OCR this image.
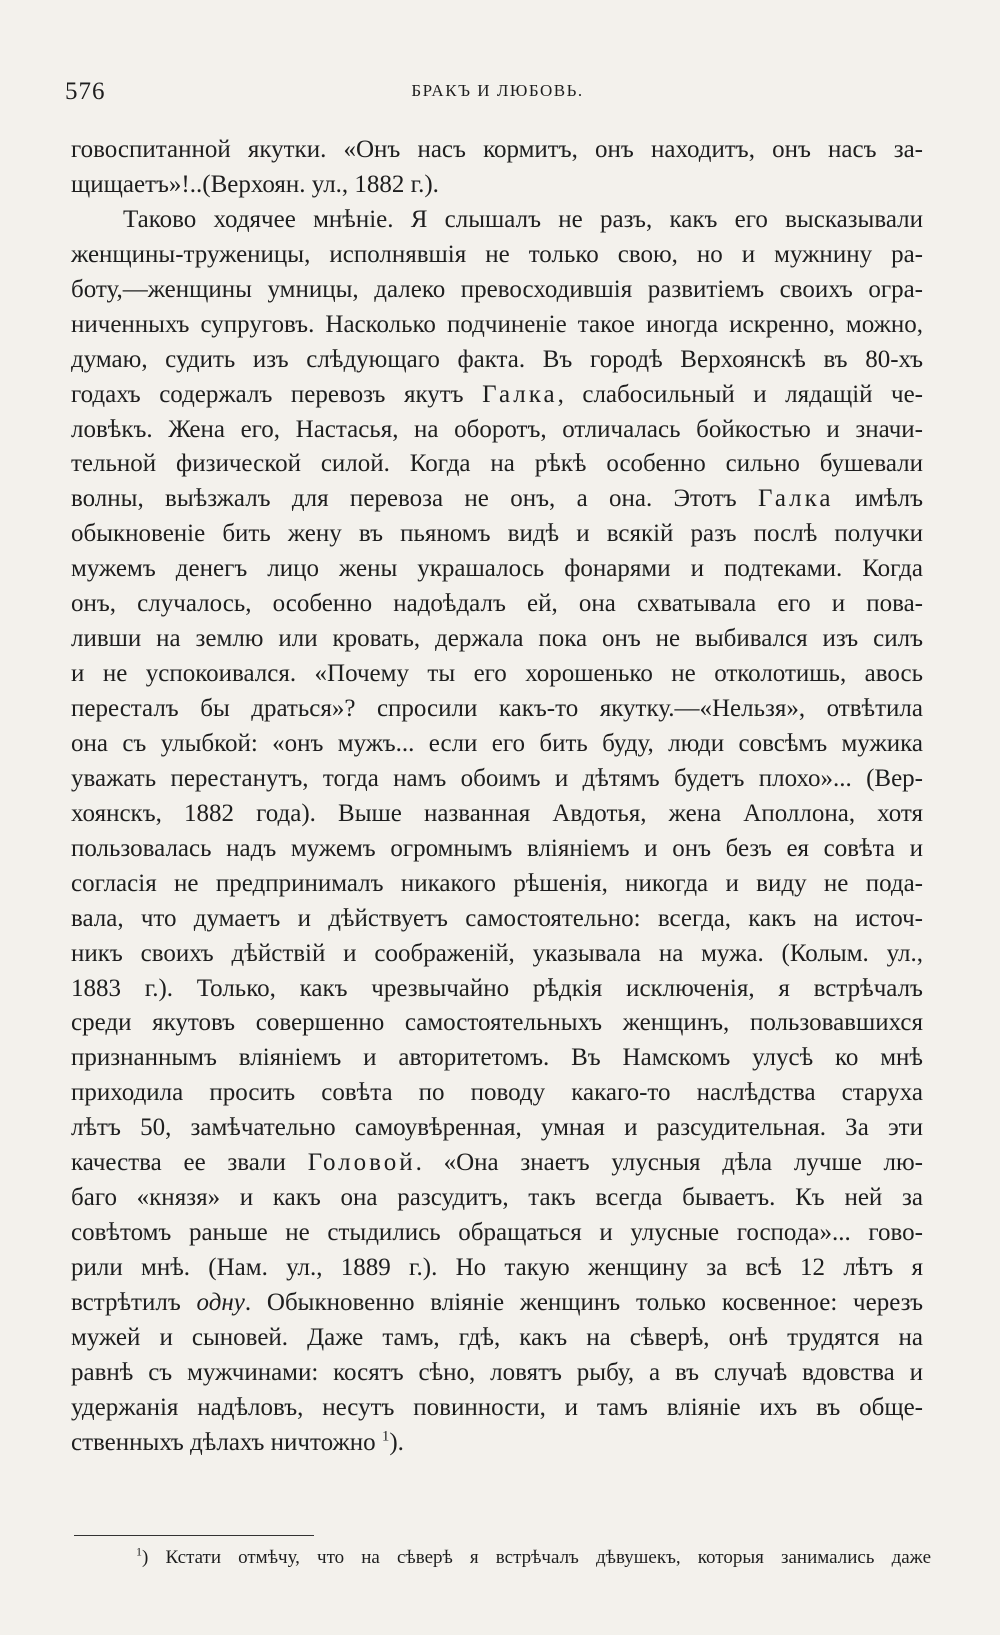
576	БРАКЪ И ЛЮБОВЬ.
говоспитанной якутки. «Онъ насъ кормитъ, онъ находитъ, онъ насъ за-
щищаетъ»!..(Верхоян. ул., 1882 г.).
Таково ходячее мнѣніе. Я слышалъ не разъ, какъ его высказывали
женщины-труженицы, исполнявшія не только свою, но и мужнину ра-
боту,—женщины умницы, далеко превосходившія развитіемъ своихъ огра-
ниченныхъ супруговъ. Насколько подчиненіе такое иногда искренно, можно,
думаю, судить изъ слѣдующаго факта. Въ городѣ Верхоянскѣ въ 80-хъ
годахъ содержалъ перевозъ якутъ Галка, слабосильный и лядащій че-
ловѣкъ. Жена его, Настасья, на оборотъ, отличалась бойкостью и значи-
тельной физической силой. Когда на рѣкѣ особенно сильно бушевали
волны, выѣзжалъ для перевоза не онъ, а она. Этотъ Галка имѣлъ
обыкновеніе бить жену въ пьяномъ видѣ и всякій разъ послѣ получки
мужемъ денегъ лицо жены украшалось фонарями и подтеками. Когда
онъ, случалось, особенно надоѣдалъ ей, она схватывала его и пова-
ливши на землю или кровать, держала пока онъ не выбивался изъ силъ
и не успокоивался. «Почему ты его хорошенько не отколотишь, авось
пересталъ бы драться»? спросили какъ-то якутку.—«Нельзя», отвѣтила
она съ улыбкой: «онъ мужъ... если его бить буду, люди совсѣмъ мужика
уважать перестанутъ, тогда намъ обоимъ и дѣтямъ будетъ плохо»... (Вер-
хоянскъ, 1882 года). Выше названная Авдотья, жена Аполлона, хотя
пользовалась надъ мужемъ огромнымъ вліяніемъ и онъ безъ ея совѣта и
согласія не предпринималъ никакого рѣшенія, никогда и виду не пода-
вала, что думаетъ и дѣйствуетъ самостоятельно: всегда, какъ на источ-
никъ своихъ дѣйствій и соображеній, указывала на мужа. (Колым. ул.,
1883 г.). Только, какъ чрезвычайно рѣдкія исключенія, я встрѣчалъ
среди якутовъ совершенно самостоятельныхъ женщинъ, пользовавшихся
признаннымъ вліяніемъ и авторитетомъ. Въ Намскомъ улусѣ ко мнѣ
приходила просить совѣта по поводу какаго-то наслѣдства старуха
лѣтъ 50, замѣчательно самоувѣренная, умная и разсудительная. За эти
качества ее звали Головой. «Она знаетъ улусныя дѣла лучше лю-
баго «князя» и какъ она разсудитъ, такъ всегда бываетъ. Къ ней за
совѣтомъ раньше не стыдились обращаться и улусные господа»... гово-
рили мнѣ. (Нам. ул., 1889 г.). Но такую женщину за всѣ 12 лѣтъ я
встрѣтилъ одну. Обыкновенно вліяніе женщинъ только косвенное: черезъ
мужей и сыновей. Даже тамъ, гдѣ, какъ на сѣверѣ, онѣ трудятся на
равнѣ съ мужчинами: косятъ сѣно, ловятъ рыбу, а въ случаѣ вдовства и
удержанія надѣловъ, несутъ повинности, и тамъ вліяніе ихъ въ обще-
ственныхъ дѣлахъ ничтожно $^1$).
$^1$) Кстати отмѣчу, что на сѣверѣ я встрѣчалъ дѣвушекъ, которыя занимались даже
